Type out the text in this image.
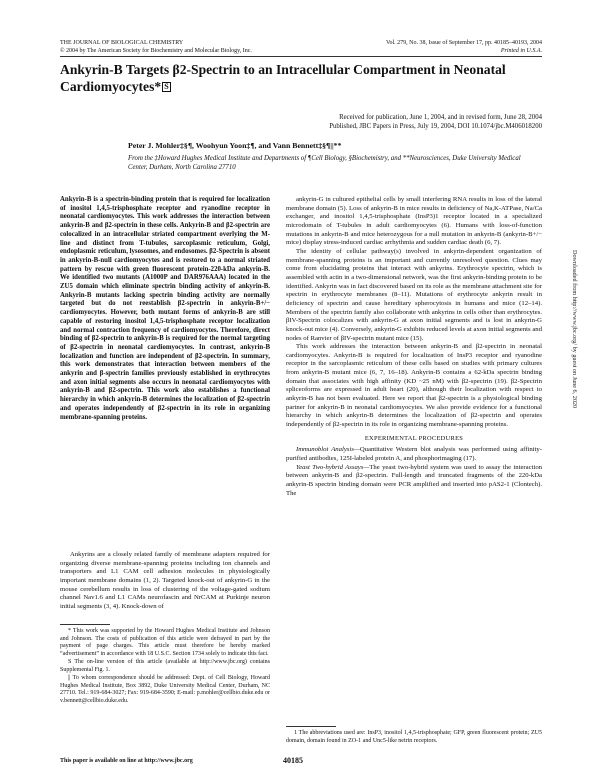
THE JOURNAL OF BIOLOGICAL CHEMISTRY
© 2004 by The American Society for Biochemistry and Molecular Biology, Inc.
Vol. 279, No. 38, Issue of September 17, pp. 40185–40193, 2004
Printed in U.S.A.
Ankyrin-B Targets β2-Spectrin to an Intracellular Compartment in Neonatal Cardiomyocytes* S
Received for publication, June 1, 2004, and in revised form, June 28, 2004
Published, JBC Papers in Press, July 19, 2004, DOI 10.1074/jbc.M406018200
Peter J. Mohler‡§¶, Woohyun Yoon‡¶, and Vann Bennett‡§¶||**
From the ‡Howard Hughes Medical Institute and Departments of ¶Cell Biology, §Biochemistry, and **Neurosciences, Duke University Medical Center, Durham, North Carolina 27710
Ankyrin-B is a spectrin-binding protein that is required for localization of inositol 1,4,5-trisphosphate receptor and ryanodine receptor in neonatal cardiomyocytes. This work addresses the interaction between ankyrin-B and β2-spectrin in these cells. Ankyrin-B and β2-spectrin are colocalized in an intracellular striated compartment overlying the M-line and distinct from T-tubules, sarcoplasmic reticulum, Golgi, endoplasmic reticulum, lysosomes, and endosomes. β2-Spectrin is absent in ankyrin-B-null cardiomyocytes and is restored to a normal striated pattern by rescue with green fluorescent protein-220-kDa ankyrin-B. We identified two mutants (A1000P and DAR976AAA) located in the ZU5 domain which eliminate spectrin binding activity of ankyrin-B. Ankyrin-B mutants lacking spectrin binding activity are normally targeted but do not reestablish β2-spectrin in ankyrin-B+/− cardiomyocytes. However, both mutant forms of ankyrin-B are still capable of restoring inositol 1,4,5-trisphosphate receptor localization and normal contraction frequency of cardiomyocytes. Therefore, direct binding of β2-spectrin to ankyrin-B is required for the normal targeting of β2-spectrin in neonatal cardiomyocytes. In contrast, ankyrin-B localization and function are independent of β2-spectrin. In summary, this work demonstrates that interaction between members of the ankyrin and β-spectrin families previously established in erythrocytes and axon initial segments also occurs in neonatal cardiomyocytes with ankyrin-B and β2-spectrin. This work also establishes a functional hierarchy in which ankyrin-B determines the localization of β2-spectrin and operates independently of β2-spectrin in its role in organizing membrane-spanning proteins.
Ankyrins are a closely related family of membrane adapters required for organizing diverse membrane-spanning proteins including ion channels and transporters and L1 CAM cell adhesion molecules in physiologically important membrane domains (1, 2). Targeted knock-out of ankyrin-G in the mouse cerebellum results in loss of clustering of the voltage-gated sodium channel Nav1.6 and L1 CAMs neurofascin and NrCAM at Purkinje neuron initial segments (3, 4). Knock-down of

* This work was supported by the Howard Hughes Medical Institute and Johnson and Johnson. The costs of publication of this article were defrayed in part by the payment of page charges. This article must therefore be hereby marked “advertisement” in accordance with 18 U.S.C. Section 1734 solely to indicate this fact.

S The on-line version of this article (available at http://www.jbc.org) contains Supplemental Fig. 1.

|| To whom correspondence should be addressed: Dept. of Cell Biology, Howard Hughes Medical Institute, Box 3892, Duke University Medical Center, Durham, NC 27710. Tel.: 919-684-3027; Fax: 919-684-3590; E-mail: p.mohler@cellbio.duke.edu or v.bennett@cellbio.duke.edu.

ankyrin-G in cultured epithelial cells by small interfering RNA results in loss of the lateral membrane domain (5). Loss of ankyrin-B in mice results in deficiency of Na,K-ATPase, Na/Ca exchanger, and inositol 1,4,5-trisphosphate (InsP3)1 receptor located in a specialized microdomain of T-tubules in adult cardiomyocytes (6). Humans with loss-of-function mutations in ankyrin-B and mice heterozygous for a null mutation in ankyrin-B (ankyrin-B+/− mice) display stress-induced cardiac arrhythmia and sudden cardiac death (6, 7).

The identity of cellular pathway(s) involved in ankyrin-dependent organization of membrane-spanning proteins is an important and currently unresolved question. Clues may come from elucidating proteins that interact with ankyrins. Erythrocyte spectrin, which is assembled with actin in a two-dimensional network, was the first ankyrin-binding protein to be identified. Ankyrin was in fact discovered based on its role as the membrane attachment site for spectrin in erythrocyte membranes (8–11). Mutations of erythrocyte ankyrin result in deficiency of spectrin and cause hereditary spherocytosis in humans and mice (12–14). Members of the spectrin family also collaborate with ankyrins in cells other than erythrocytes. βIV-Spectrin colocalizes with ankyrin-G at axon initial segments and is lost in ankyrin-G knock-out mice (4). Conversely, ankyrin-G exhibits reduced levels at axon initial segments and nodes of Ranvier of βIV-spectrin mutant mice (15).

This work addresses the interaction between ankyrin-B and β2-spectrin in neonatal cardiomyocytes. Ankyrin-B is required for localization of InsP3 receptor and ryanodine receptor in the sarcoplasmic reticulum of these cells based on studies with primary cultures from ankyrin-B mutant mice (6, 7, 16–18). Ankyrin-B contains a 62-kDa spectrin binding domain that associates with high affinity (KD ~25 nM) with β2-spectrin (19). β2-Spectrin spliceoforms are expressed in adult heart (20), although their localization with respect to ankyrin-B has not been evaluated. Here we report that β2-spectrin is a physiological binding partner for ankyrin-B in neonatal cardiomyocytes. We also provide evidence for a functional hierarchy in which ankyrin-B determines the localization of β2-spectrin and operates independently of β2-spectrin in its role in organizing membrane-spanning proteins.

EXPERIMENTAL PROCEDURES

Immunoblot Analysis—Quantitative Western blot analysis was performed using affinity-purified antibodies, 125I-labeled protein A, and phosphorimaging (17).

Yeast Two-hybrid Assays—The yeast two-hybrid system was used to assay the interaction between ankyrin-B and β2-spectrin. Full-length and truncated fragments of the 220-kDa ankyrin-B spectrin binding domain were PCR amplified and inserted into pAS2-1 (Clontech). The

1 The abbreviations used are: InsP3, inositol 1,4,5-trisphosphate; GFP, green fluorescent protein; ZU5 domain, domain found in ZO-1 and Unc5-like netrin receptors.
This paper is available on line at http://www.jbc.org	40185
Downloaded from http://www.jbc.org/ by guest on June 6, 2020
